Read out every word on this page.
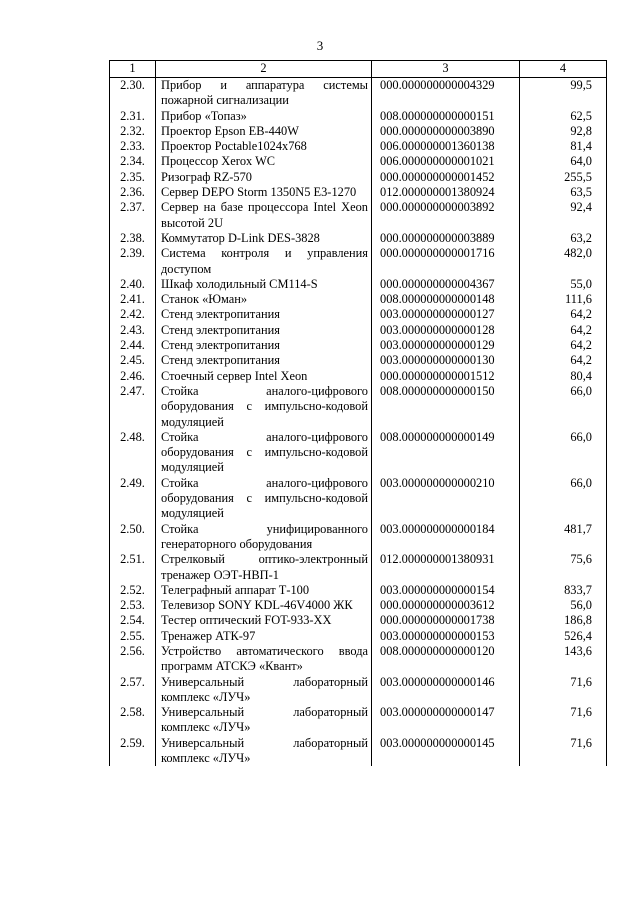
3
1	2	3	4
2.30.	Прибор и аппаратура системы пожарной сигнализации	000.000000000004329	99,5
2.31.	Прибор «Топаз»	008.000000000000151	62,5
2.32.	Проектор Epson EB-440W	000.000000000003890	92,8
2.33.	Проектор Poctable1024x768	006.000000001360138	81,4
2.34.	Процессор Xerox WC	006.000000000001021	64,0
2.35.	Ризограф RZ-570	000.000000000001452	255,5
2.36.	Сервер DEPO Storm 1350N5 E3-1270	012.000000001380924	63,5
2.37.	Сервер на базе процессора Intel Xeon высотой 2U	000.000000000003892	92,4
2.38.	Коммутатор D-Link DES-3828	000.000000000003889	63,2
2.39.	Система контроля и управления доступом	000.000000000001716	482,0
2.40.	Шкаф холодильный СМ114-S	000.000000000004367	55,0
2.41.	Станок «Юман»	008.000000000000148	111,6
2.42.	Стенд электропитания	003.000000000000127	64,2
2.43.	Стенд электропитания	003.000000000000128	64,2
2.44.	Стенд электропитания	003.000000000000129	64,2
2.45.	Стенд электропитания	003.000000000000130	64,2
2.46.	Стоечный сервер Intel Xeon	000.000000000001512	80,4
2.47.	Стойка аналого-цифрового оборудования с импульсно-кодовой модуляцией	008.000000000000150	66,0
2.48.	Стойка аналого-цифрового оборудования с импульсно-кодовой модуляцией	008.000000000000149	66,0
2.49.	Стойка аналого-цифрового оборудования с импульсно-кодовой модуляцией	003.000000000000210	66,0
2.50.	Стойка унифицированного генераторного оборудования	003.000000000000184	481,7
2.51.	Стрелковый оптико-электронный тренажер ОЭТ-НВП-1	012.000000001380931	75,6
2.52.	Телеграфный аппарат Т-100	003.000000000000154	833,7
2.53.	Телевизор SONY KDL-46V4000 ЖК	000.000000000003612	56,0
2.54.	Тестер оптический FOT-933-XX	000.000000000001738	186,8
2.55.	Тренажер АТК-97	003.000000000000153	526,4
2.56.	Устройство автоматического ввода программ АТСКЭ «Квант»	008.000000000000120	143,6
2.57.	Универсальный лабораторный комплекс «ЛУЧ»	003.000000000000146	71,6
2.58.	Универсальный лабораторный комплекс «ЛУЧ»	003.000000000000147	71,6
2.59.	Универсальный лабораторный комплекс «ЛУЧ»	003.000000000000145	71,6
